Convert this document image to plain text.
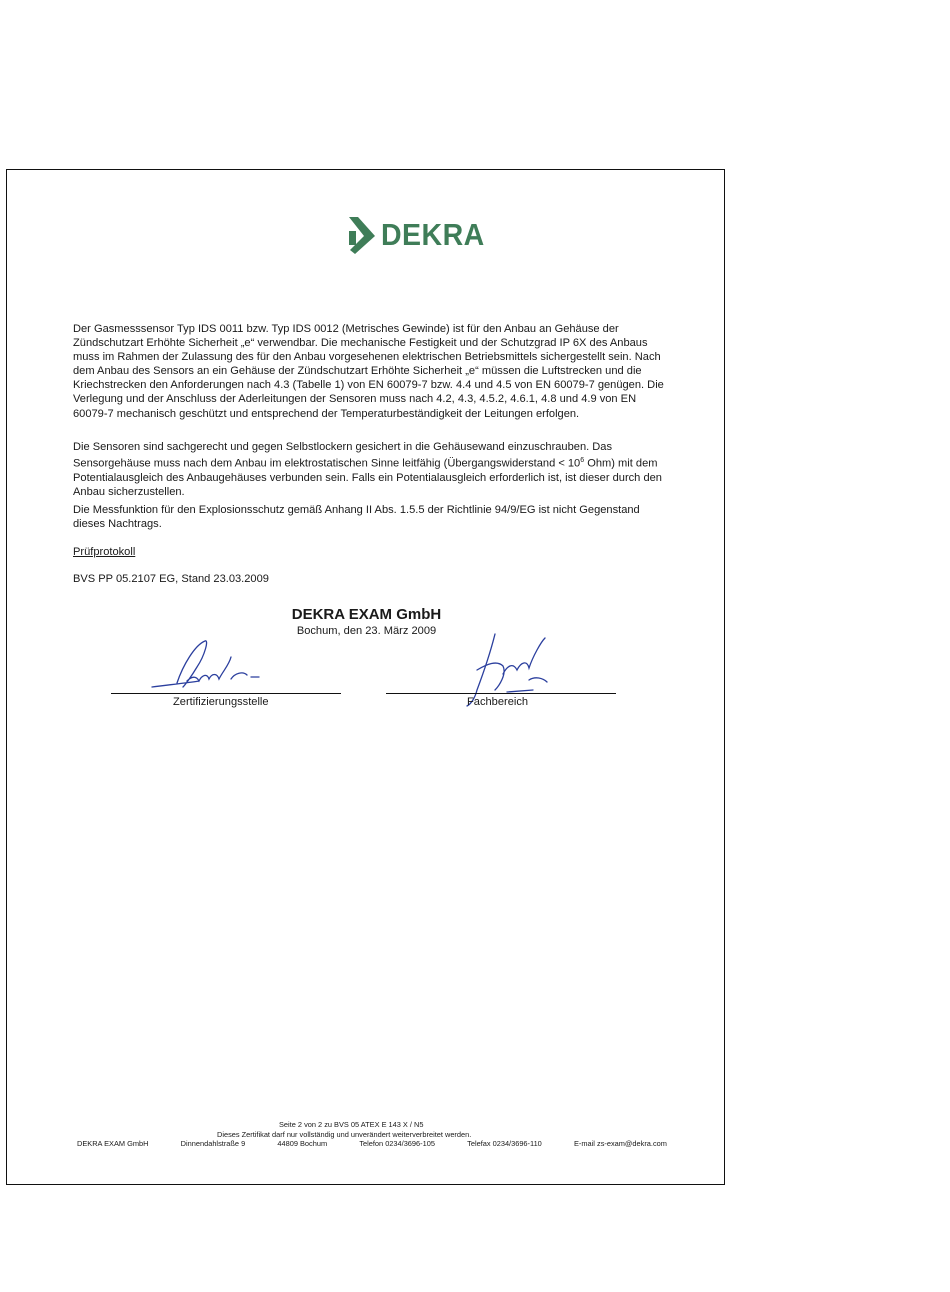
DEKRA

Der Gasmesssensor Typ IDS 0011 bzw. Typ IDS 0012 (Metrisches Gewinde) ist für den Anbau an Gehäuse der Zündschutzart Erhöhte Sicherheit „e“ verwendbar. Die mechanische Festigkeit und der Schutzgrad IP 6X des Anbaus muss im Rahmen der Zulassung des für den Anbau vorgesehenen elektrischen Betriebsmittels sichergestellt sein. Nach dem Anbau des Sensors an ein Gehäuse der Zündschutzart Erhöhte Sicherheit „e“ müssen die Luftstrecken und die Kriechstrecken den Anforderungen nach 4.3 (Tabelle 1) von EN 60079-7 bzw. 4.4 und 4.5 von EN 60079-7 genügen. Die Verlegung und der Anschluss der Aderleitungen der Sensoren muss nach 4.2, 4.3, 4.5.2, 4.6.1, 4.8 und 4.9 von EN 60079-7 mechanisch geschützt und entsprechend der Temperaturbeständigkeit der Leitungen erfolgen.

Die Sensoren sind sachgerecht und gegen Selbstlockern gesichert in die Gehäusewand einzuschrauben. Das Sensorgehäuse muss nach dem Anbau im elektrostatischen Sinne leitfähig (Übergangswiderstand < $10^6$ Ohm) mit dem Potentialausgleich des Anbaugehäuses verbunden sein. Falls ein Potentialausgleich erforderlich ist, ist dieser durch den Anbau sicherzustellen.

Die Messfunktion für den Explosionsschutz gemäß Anhang II Abs. 1.5.5 der Richtlinie 94/9/EG ist nicht Gegenstand dieses Nachtrags.

Prüfprotokoll
BVS PP 05.2107 EG, Stand 23.03.2009
DEKRA EXAM GmbH
Bochum, den 23. März 2009
Zertifizierungsstelle	Fachbereich
Seite 2 von 2 zu BVS 05 ATEX E 143 X / N5
Dieses Zertifikat darf nur vollständig und unverändert weiterverbreitet werden.
DEKRA EXAM GmbH	Dinnendahlstraße 9	44809 Bochum	Telefon 0234/3696-105	Telefax 0234/3696-110	E-mail zs-exam@dekra.com
